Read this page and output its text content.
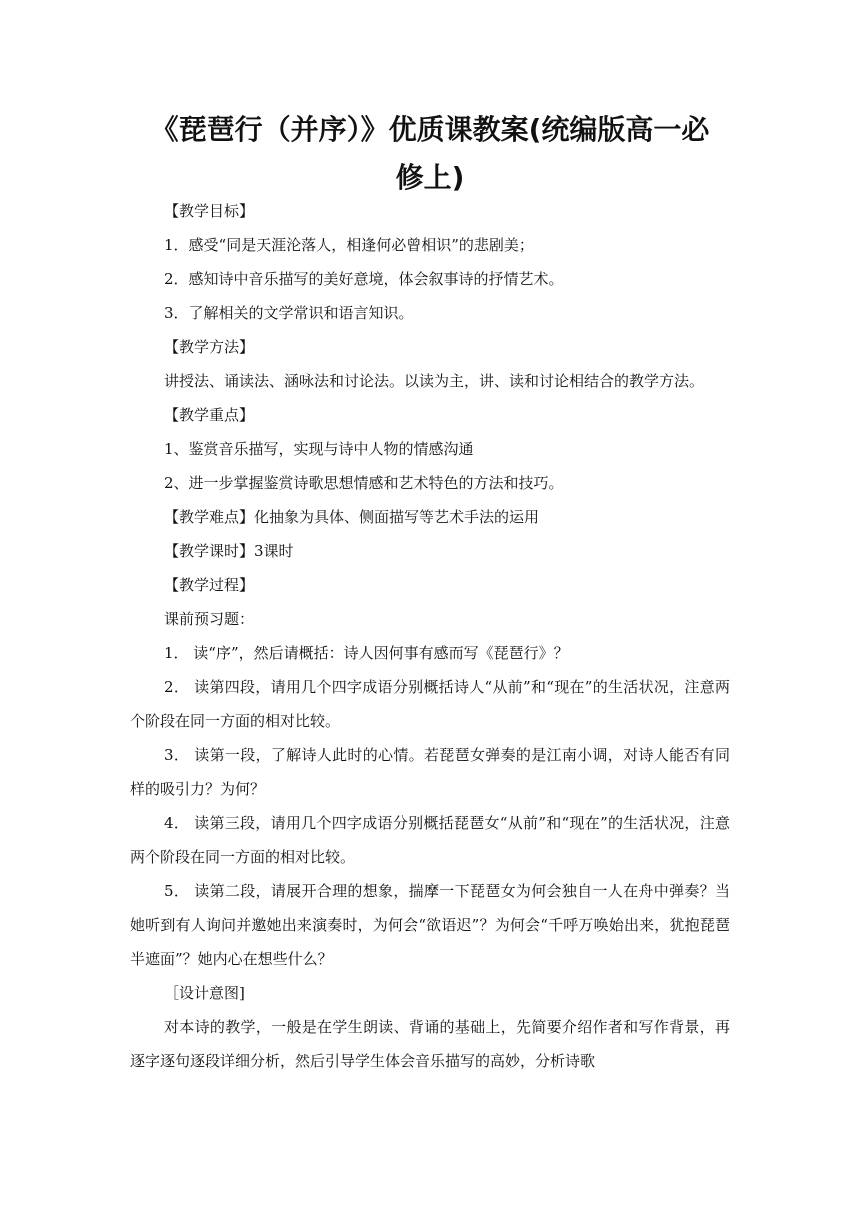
《琵琶行（并序）》优质课教案(统编版高一必
修上)

【教学目标】

1．感受“同是天涯沦落人，相逢何必曾相识”的悲剧美；

2．感知诗中音乐描写的美好意境，体会叙事诗的抒情艺术。

3．了解相关的文学常识和语言知识。

【教学方法】

讲授法、诵读法、涵咏法和讨论法。以读为主，讲、读和讨论相结合的教学方法。

【教学重点】

1、鉴赏音乐描写，实现与诗中人物的情感沟通

2、进一步掌握鉴赏诗歌思想情感和艺术特色的方法和技巧。

【教学难点】化抽象为具体、侧面描写等艺术手法的运用

【教学课时】3课时

【教学过程】

课前预习题：

1． 读“序”，然后请概括：诗人因何事有感而写《琵琶行》？

2． 读第四段，请用几个四字成语分别概括诗人“从前”和“现在”的生活状况，注意两个阶段在同一方面的相对比较。

3． 读第一段，了解诗人此时的心情。若琵琶女弹奏的是江南小调，对诗人能否有同样的吸引力？为何？

4． 读第三段，请用几个四字成语分别概括琵琶女“从前”和“现在”的生活状况，注意两个阶段在同一方面的相对比较。

5． 读第二段，请展开合理的想象，揣摩一下琵琶女为何会独自一人在舟中弹奏？当她听到有人询问并邀她出来演奏时，为何会“欲语迟”？为何会“千呼万唤始出来，犹抱琵琶半遮面”？她内心在想些什么？

［设计意图]

对本诗的教学，一般是在学生朗读、背诵的基础上，先简要介绍作者和写作背景，再逐字逐句逐段详细分析，然后引导学生体会音乐描写的高妙，分析诗歌
